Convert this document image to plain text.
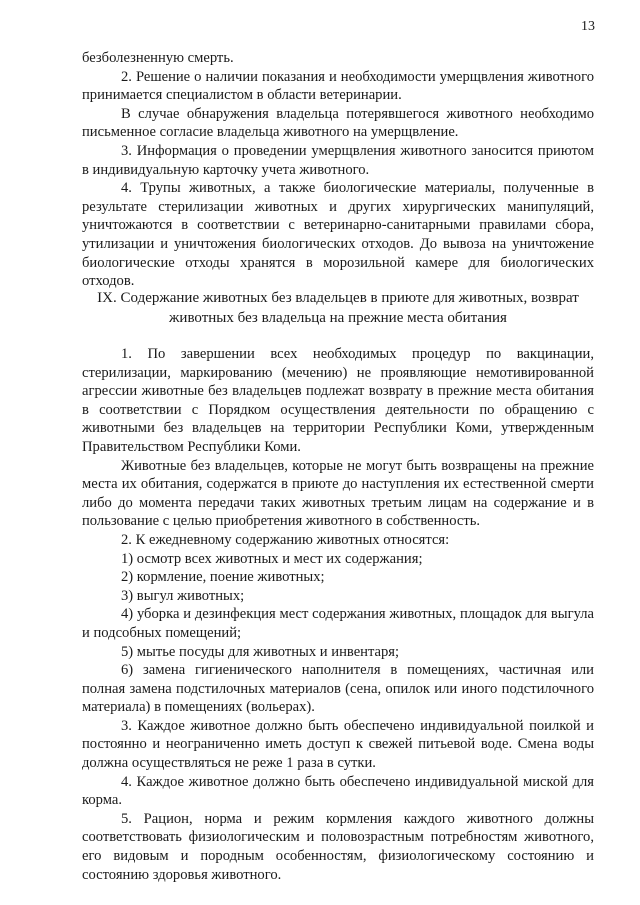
13

безболезненную смерть.

2. Решение о наличии показания и необходимости умерщвления животного принимается специалистом в области ветеринарии.

В случае обнаружения владельца потерявшегося животного необходимо письменное согласие владельца животного на умерщвление.

3. Информация о проведении умерщвления животного заносится приютом в индивидуальную карточку учета животного.

4. Трупы животных, а также биологические материалы, полученные в результате стерилизации животных и других хирургических манипуляций, уничтожаются в соответствии с ветеринарно-санитарными правилами сбора, утилизации и уничтожения биологических отходов. До вывоза на уничтожение биологические отходы хранятся в морозильной камере для биологических отходов.

IX. Содержание животных без владельцев в приюте для животных, возврат
животных без владельца на прежние места обитания

1. По завершении всех необходимых процедур по вакцинации, стерилизации, маркированию (мечению) не проявляющие немотивированной агрессии животные без владельцев подлежат возврату в прежние места обитания в соответствии с Порядком осуществления деятельности по обращению с животными без владельцев на территории Республики Коми, утвержденным Правительством Республики Коми.

Животные без владельцев, которые не могут быть возвращены на прежние места их обитания, содержатся в приюте до наступления их естественной смерти либо до момента передачи таких животных третьим лицам на содержание и в пользование с целью приобретения животного в собственность.

2. К ежедневному содержанию животных относятся:

1) осмотр всех животных и мест их содержания;

2) кормление, поение животных;

3) выгул животных;

4) уборка и дезинфекция мест содержания животных, площадок для выгула и подсобных помещений;

5) мытье посуды для животных и инвентаря;

6) замена гигиенического наполнителя в помещениях, частичная или полная замена подстилочных материалов (сена, опилок или иного подстилочного материала) в помещениях (вольерах).

3. Каждое животное должно быть обеспечено индивидуальной поилкой и постоянно и неограниченно иметь доступ к свежей питьевой воде. Смена воды должна осуществляться не реже 1 раза в сутки.

4. Каждое животное должно быть обеспечено индивидуальной миской для корма.

5. Рацион, норма и режим кормления каждого животного должны соответствовать физиологическим и половозрастным потребностям животного, его видовым и породным особенностям, физиологическому состоянию и состоянию здоровья животного.
